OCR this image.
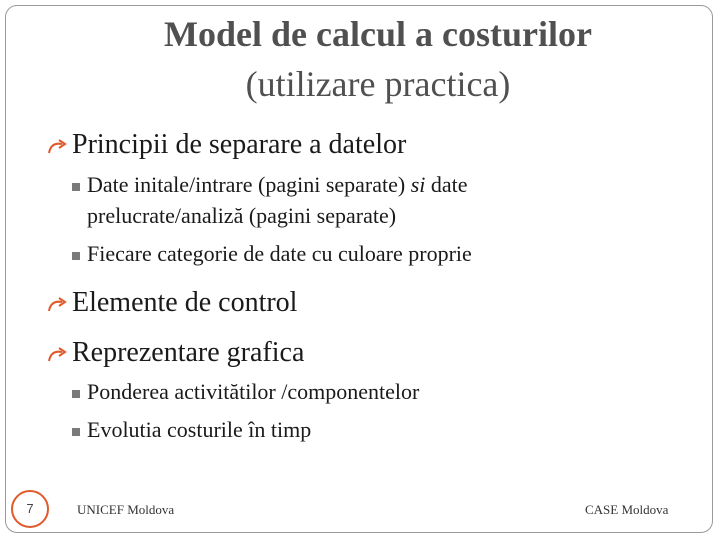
Model de calcul a costurilor
(utilizare practica)
Principii de separare a datelor
Date initale/intrare (pagini separate) si date
prelucrate/analiză (pagini separate)
Fiecare categorie de date cu culoare proprie
Elemente de control
Reprezentare grafica
Ponderea activitătilor /componentelor
Evolutia costurile în timp
7	UNICEF Moldova	CASE Moldova
